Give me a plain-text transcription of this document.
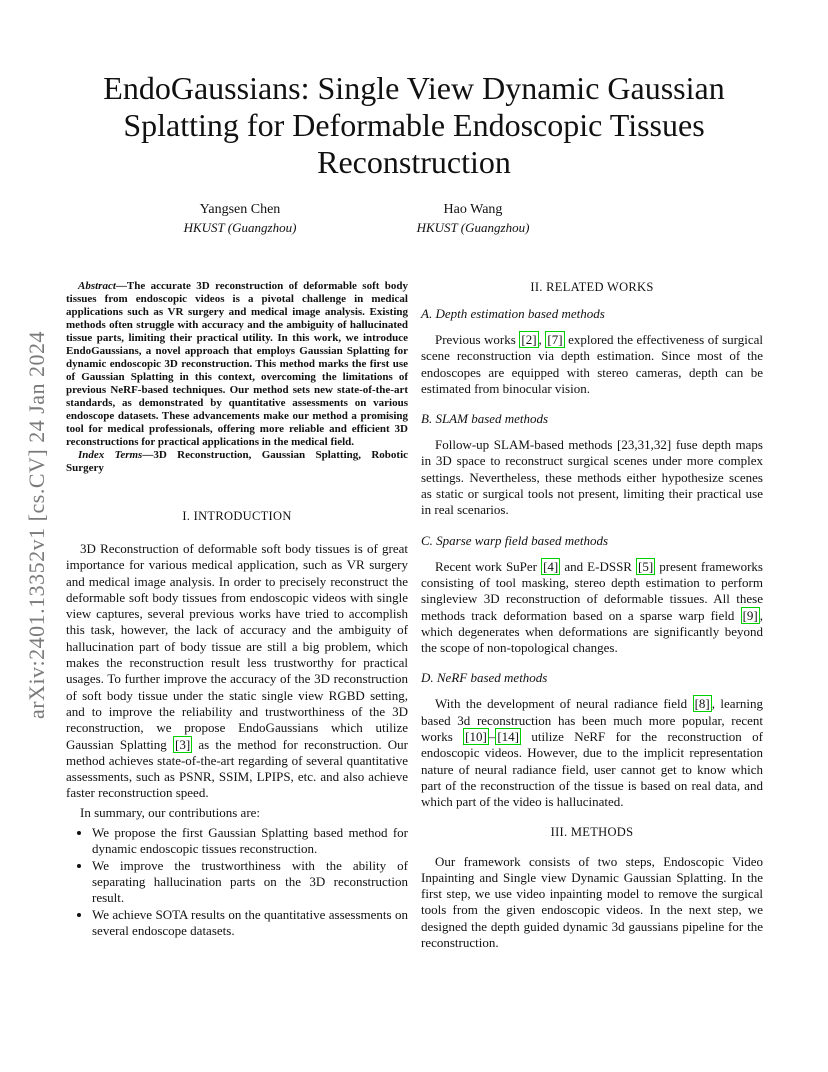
arXiv:2401.13352v1 [cs.CV] 24 Jan 2024
EndoGaussians: Single View Dynamic Gaussian Splatting for Deformable Endoscopic Tissues Reconstruction
Yangsen Chen
HKUST (Guangzhou)
Hao Wang
HKUST (Guangzhou)

Abstract—The accurate 3D reconstruction of deformable soft body tissues from endoscopic videos is a pivotal challenge in medical applications such as VR surgery and medical image analysis. Existing methods often struggle with accuracy and the ambiguity of hallucinated tissue parts, limiting their practical utility. In this work, we introduce EndoGaussians, a novel approach that employs Gaussian Splatting for dynamic endoscopic 3D reconstruction. This method marks the first use of Gaussian Splatting in this context, overcoming the limitations of previous NeRF-based techniques. Our method sets new state-of-the-art standards, as demonstrated by quantitative assessments on various endoscope datasets. These advancements make our method a promising tool for medical professionals, offering more reliable and efficient 3D reconstructions for practical applications in the medical field.

Index Terms—3D Reconstruction, Gaussian Splatting, Robotic Surgery

I. INTRODUCTION

3D Reconstruction of deformable soft body tissues is of great importance for various medical application, such as VR surgery and medical image analysis. In order to precisely reconstruct the deformable soft body tissues from endoscopic videos with single view captures, several previous works have tried to accomplish this task, however, the lack of accuracy and the ambiguity of hallucination part of body tissue are still a big problem, which makes the reconstruction result less trustworthy for practical usages. To further improve the accuracy of the 3D reconstruction of soft body tissue under the static single view RGBD setting, and to improve the reliability and trustworthiness of the 3D reconstruction, we propose EndoGaussians which utilize Gaussian Splatting [3] as the method for reconstruction. Our method achieves state-of-the-art regarding of several quantitative assessments, such as PSNR, SSIM, LPIPS, etc. and also achieve faster reconstruction speed.

In summary, our contributions are:

• We propose the first Gaussian Splatting based method for dynamic endoscopic tissues reconstruction.
• We improve the trustworthiness with the ability of separating hallucination parts on the 3D reconstruction result.
• We achieve SOTA results on the quantitative assessments on several endoscope datasets.
II. RELATED WORKS
A. Depth estimation based methods

Previous works [2] , [7] explored the effectiveness of surgical scene reconstruction via depth estimation. Since most of the endoscopes are equipped with stereo cameras, depth can be estimated from binocular vision.

B. SLAM based methods

Follow-up SLAM-based methods [23,31,32] fuse depth maps in 3D space to reconstruct surgical scenes under more complex settings. Nevertheless, these methods either hypothesize scenes as static or surgical tools not present, limiting their practical use in real scenarios.

C. Sparse warp field based methods

Recent work SuPer [4] and E-DSSR [5] present frameworks consisting of tool masking, stereo depth estimation to perform singleview 3D reconstruction of deformable tissues. All these methods track deformation based on a sparse warp field [9] , which degenerates when deformations are significantly beyond the scope of non-topological changes.

D. NeRF based methods

With the development of neural radiance field [8] , learning based 3d reconstruction has been much more popular, recent works [10] – [14] utilize NeRF for the reconstruction of endoscopic videos. However, due to the implicit representation nature of neural radiance field, user cannot get to know which part of the reconstruction of the tissue is based on real data, and which part of the video is hallucinated.

III. METHODS

Our framework consists of two steps, Endoscopic Video Inpainting and Single view Dynamic Gaussian Splatting. In the first step, we use video inpainting model to remove the surgical tools from the given endoscopic videos. In the next step, we designed the depth guided dynamic 3d gaussians pipeline for the reconstruction.
